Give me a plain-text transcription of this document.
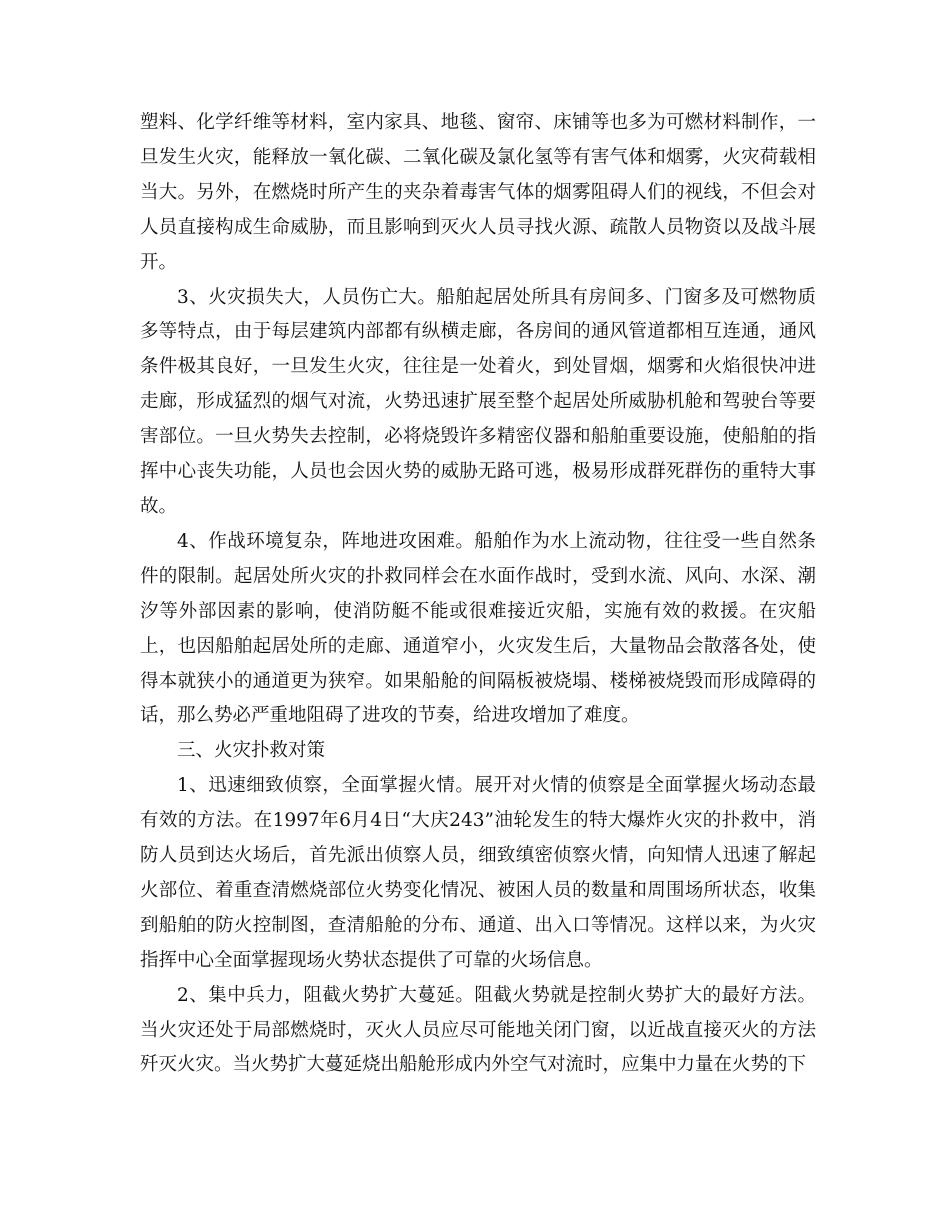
塑料、化学纤维等材料，室内家具、地毯、窗帘、床铺等也多为可燃材料制作，一旦发生火灾，能释放一氧化碳、二氧化碳及氯化氢等有害气体和烟雾，火灾荷载相当大。另外，在燃烧时所产生的夹杂着毒害气体的烟雾阻碍人们的视线，不但会对人员直接构成生命威胁，而且影响到灭火人员寻找火源、疏散人员物资以及战斗展开。

3、火灾损失大，人员伤亡大。船舶起居处所具有房间多、门窗多及可燃物质多等特点，由于每层建筑内部都有纵横走廊，各房间的通风管道都相互连通，通风条件极其良好，一旦发生火灾，往往是一处着火，到处冒烟，烟雾和火焰很快冲进走廊，形成猛烈的烟气对流，火势迅速扩展至整个起居处所威胁机舱和驾驶台等要害部位。一旦火势失去控制，必将烧毁许多精密仪器和船舶重要设施，使船舶的指挥中心丧失功能，人员也会因火势的威胁无路可逃，极易形成群死群伤的重特大事故。

4、作战环境复杂，阵地进攻困难。船舶作为水上流动物，往往受一些自然条件的限制。起居处所火灾的扑救同样会在水面作战时，受到水流、风向、水深、潮汐等外部因素的影响，使消防艇不能或很难接近灾船，实施有效的救援。在灾船上，也因船舶起居处所的走廊、通道窄小，火灾发生后，大量物品会散落各处，使得本就狭小的通道更为狭窄。如果船舱的间隔板被烧塌、楼梯被烧毁而形成障碍的话，那么势必严重地阻碍了进攻的节奏，给进攻增加了难度。

三、火灾扑救对策

1、迅速细致侦察，全面掌握火情。展开对火情的侦察是全面掌握火场动态最有效的方法。在1997年6月4日“大庆243”油轮发生的特大爆炸火灾的扑救中，消防人员到达火场后，首先派出侦察人员，细致缜密侦察火情，向知情人迅速了解起火部位、着重查清燃烧部位火势变化情况、被困人员的数量和周围场所状态，收集到船舶的防火控制图，查清船舱的分布、通道、出入口等情况。这样以来，为火灾指挥中心全面掌握现场火势状态提供了可靠的火场信息。

2、集中兵力，阻截火势扩大蔓延。阻截火势就是控制火势扩大的最好方法。当火灾还处于局部燃烧时，灭火人员应尽可能地关闭门窗，以近战直接灭火的方法歼灭火灾。当火势扩大蔓延烧出船舱形成内外空气对流时，应集中力量在火势的下
